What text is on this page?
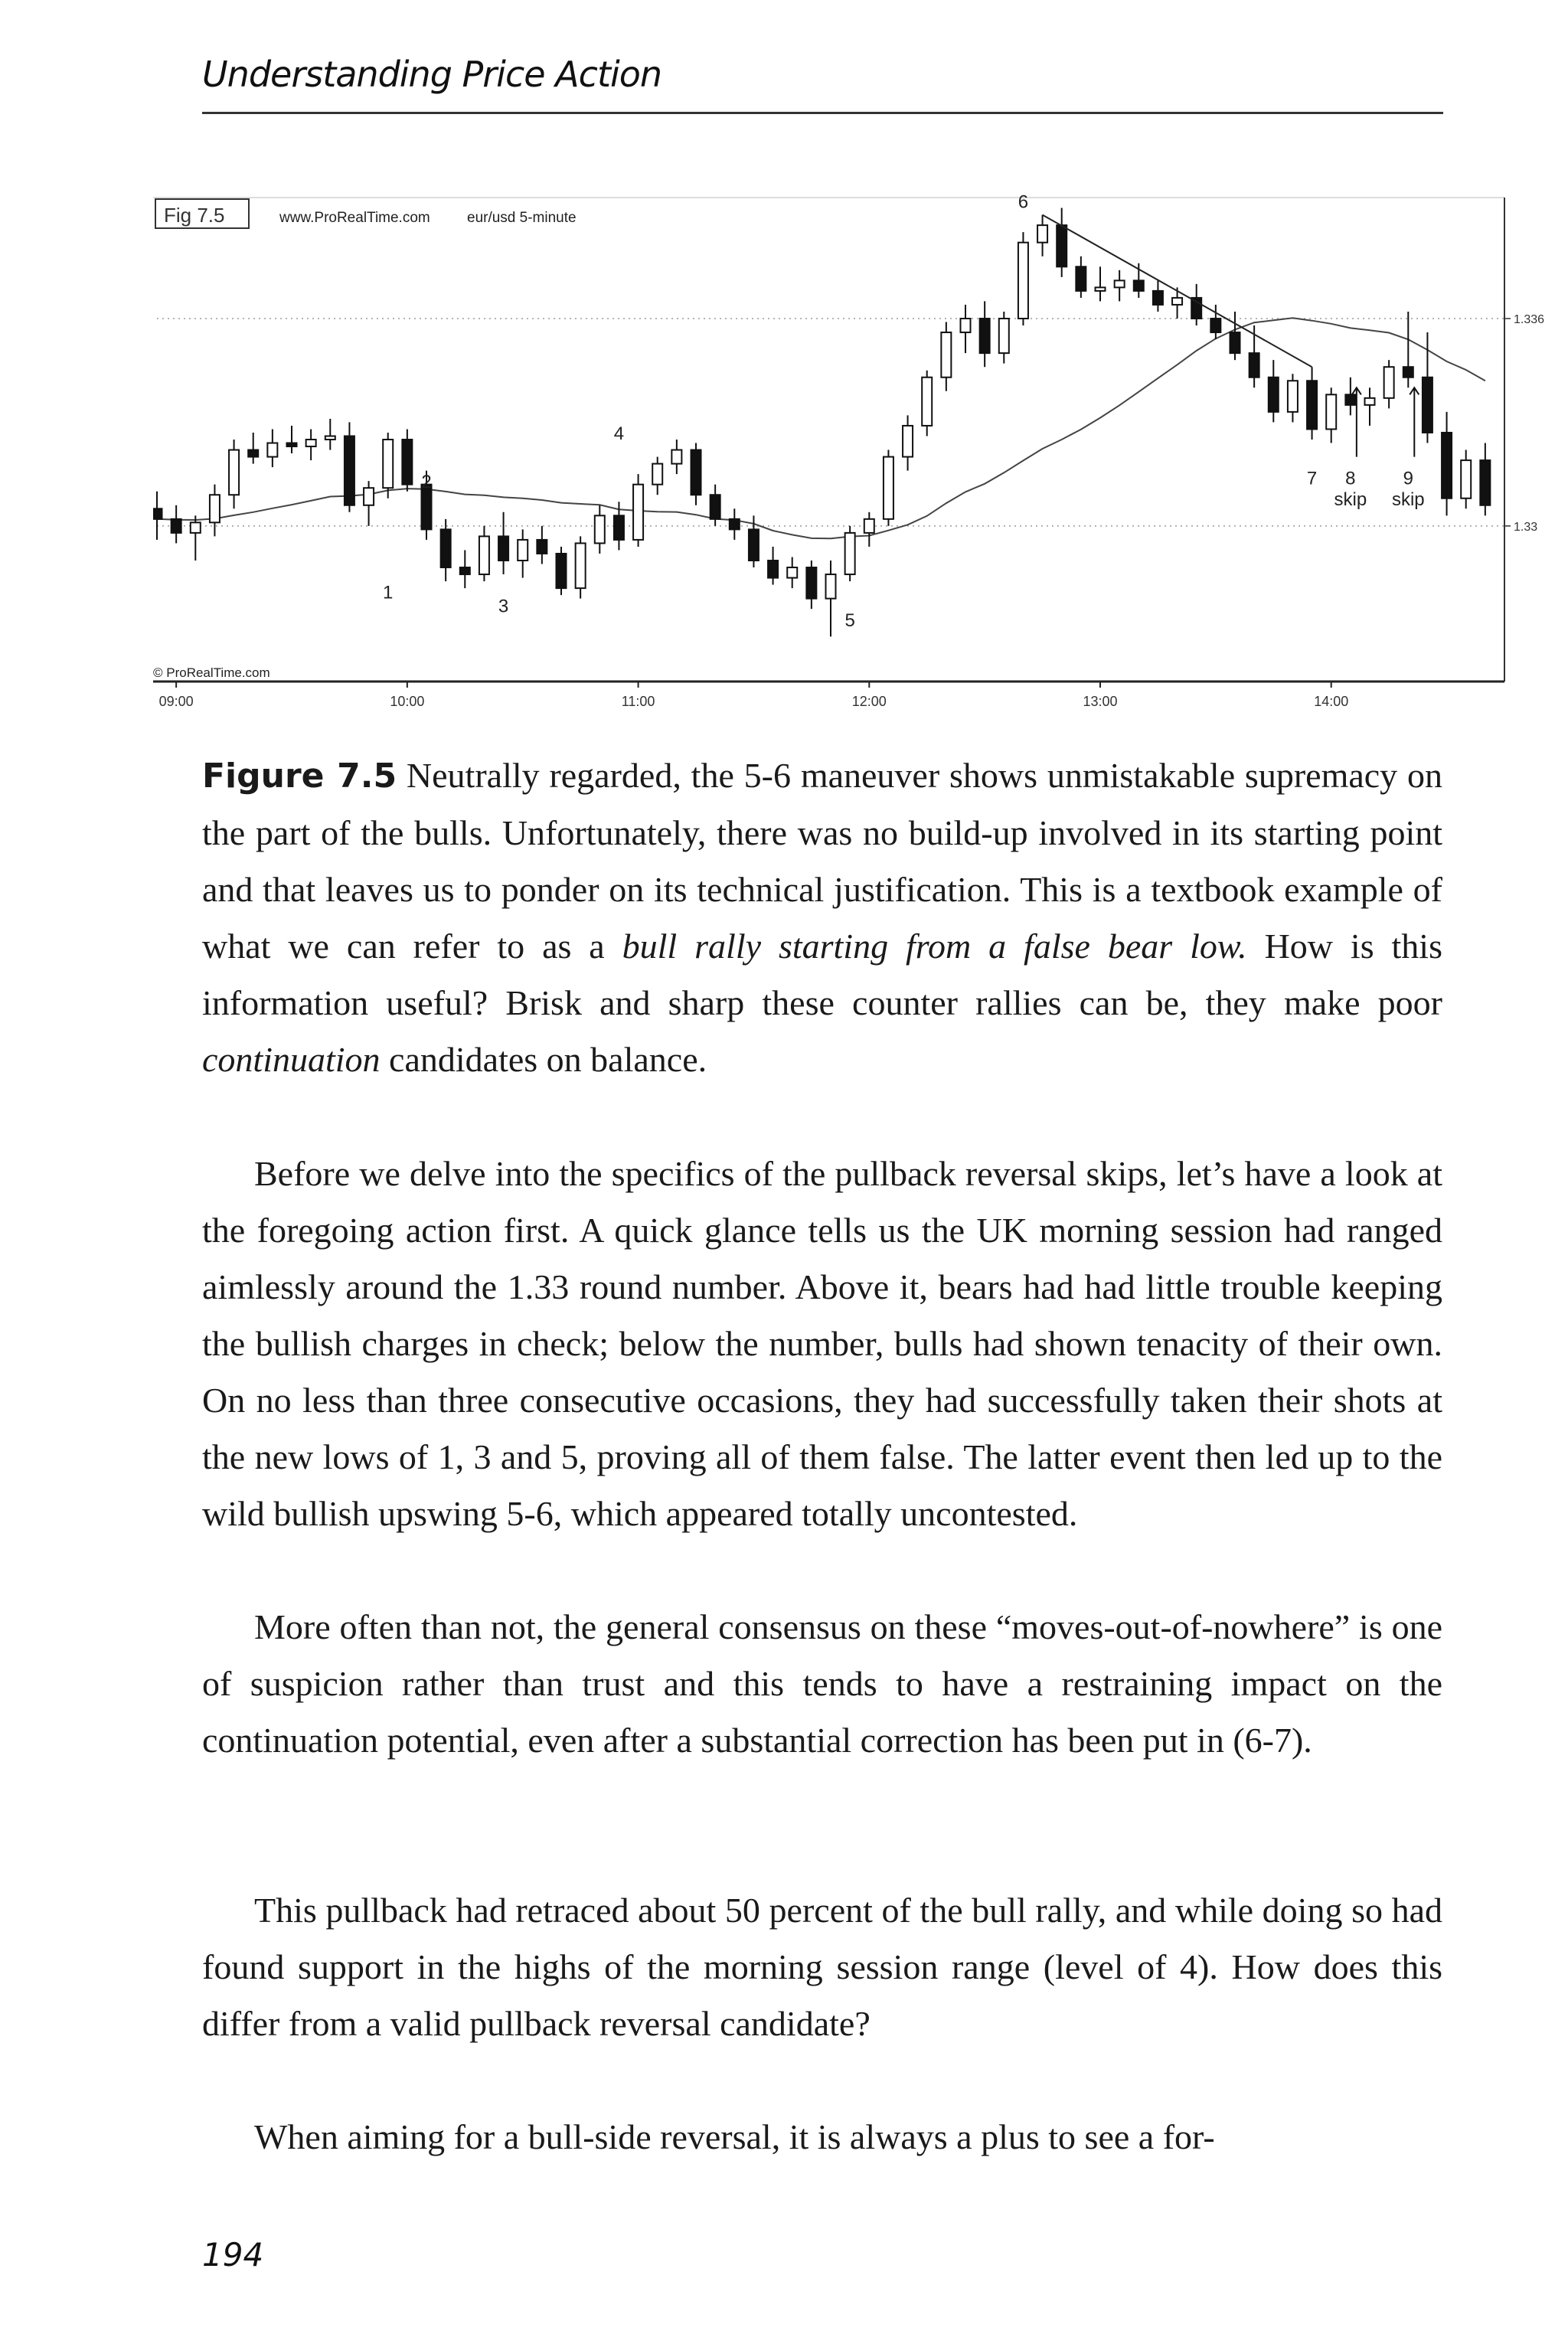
Understanding Price Action
1
2
3
4
5
6
7 8	9
skip skip
1.336
1.33
09:00	10:00	11:00	12:00	13:00	14:00
Fig 7.5	www.ProRealTime.com	eur/usd 5-minute
© ProRealTime.com
Figure 7.5 Neutrally regarded, the 5-6 maneuver shows unmistakable supremacy on the part of the bulls. Unfortunately, there was no build-up involved in its starting point and that leaves us to ponder on its technical justification. This is a textbook example of what we can refer to as a bull rally starting from a false bear low. How is this information useful? Brisk and sharp these counter rallies can be, they make poor continuation candidates on balance.

Before we delve into the specifics of the pullback reversal skips, let’s have a look at the foregoing action first. A quick glance tells us the UK morning session had ranged aimlessly around the 1.33 round number. Above it, bears had had little trouble keeping the bullish charges in check; below the number, bulls had shown tenacity of their own. On no less than three consecutive occasions, they had successfully taken their shots at the new lows of 1, 3 and 5, proving all of them false. The latter event then led up to the wild bullish upswing 5-6, which appeared totally uncontested.

More often than not, the general consensus on these “moves-out-of-nowhere” is one of suspicion rather than trust and this tends to have a restraining impact on the continuation potential, even after a substantial correction has been put in (6-7).

This pullback had retraced about 50 percent of the bull rally, and while doing so had found support in the highs of the morning session range (level of 4). How does this differ from a valid pullback reversal candidate?

When aiming for a bull-side reversal, it is always a plus to see a for-

194
